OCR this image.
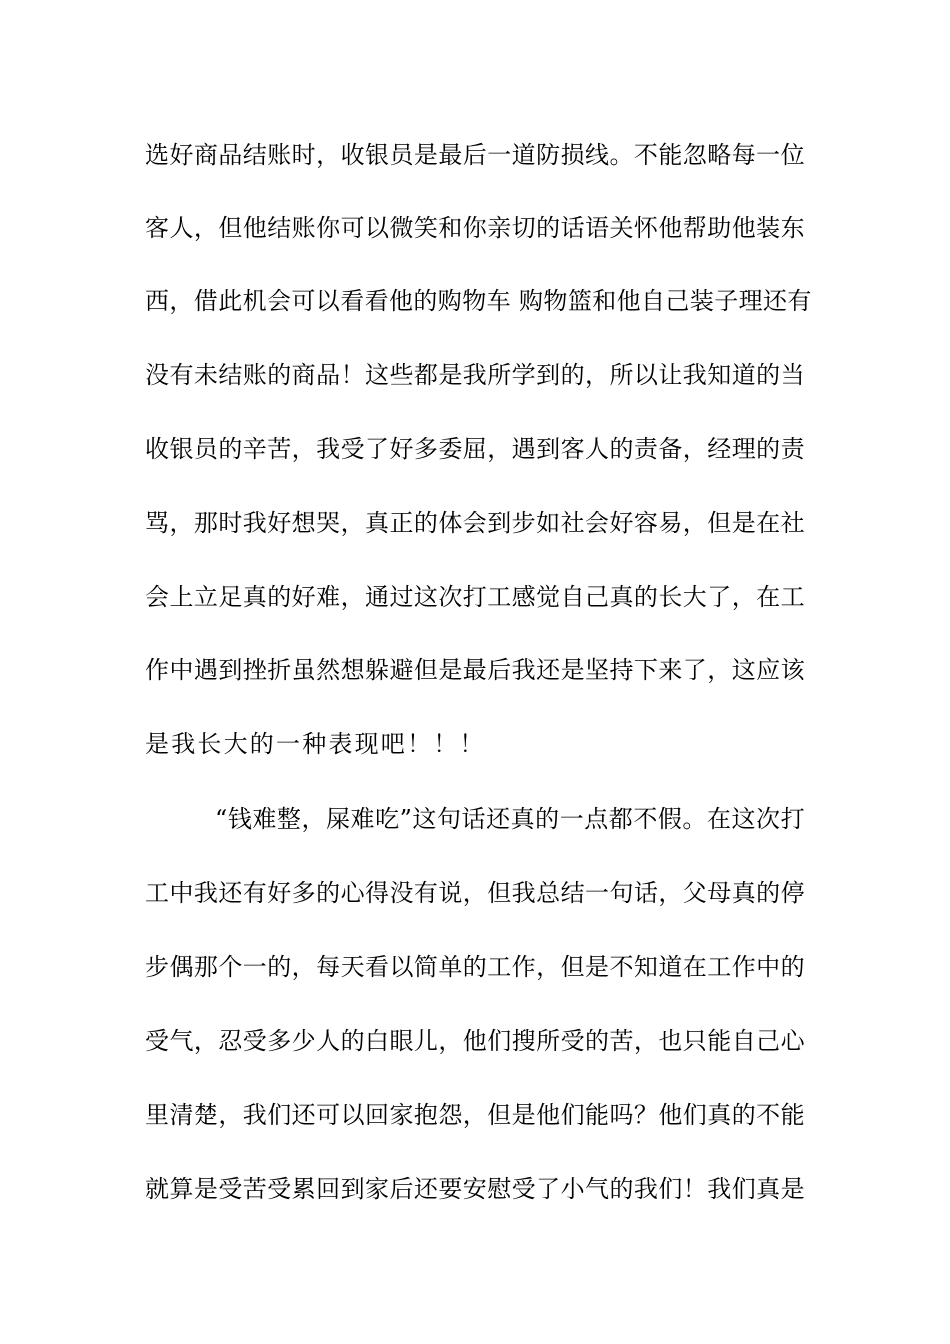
选好商品结账时，收银员是最后一道防损线。不能忽略每一位
客人，但他结账你可以微笑和你亲切的话语关怀他帮助他装东
西，借此机会可以看看他的购物车 购物篮和他自己装子理还有
没有未结账的商品！这些都是我所学到的，所以让我知道的当
收银员的辛苦，我受了好多委屈，遇到客人的责备，经理的责
骂，那时我好想哭，真正的体会到步如社会好容易，但是在社
会上立足真的好难，通过这次打工感觉自己真的长大了，在工
作中遇到挫折虽然想躲避但是最后我还是坚持下来了，这应该
是我长大的一种表现吧！！！
“钱难整，屎难吃”这句话还真的一点都不假。在这次打
工中我还有好多的心得没有说，但我总结一句话，父母真的停
步偶那个一的，每天看以简单的工作，但是不知道在工作中的
受气，忍受多少人的白眼儿，他们搜所受的苦，也只能自己心
里清楚，我们还可以回家抱怨，但是他们能吗？他们真的不能
就算是受苦受累回到家后还要安慰受了小气的我们！我们真是
